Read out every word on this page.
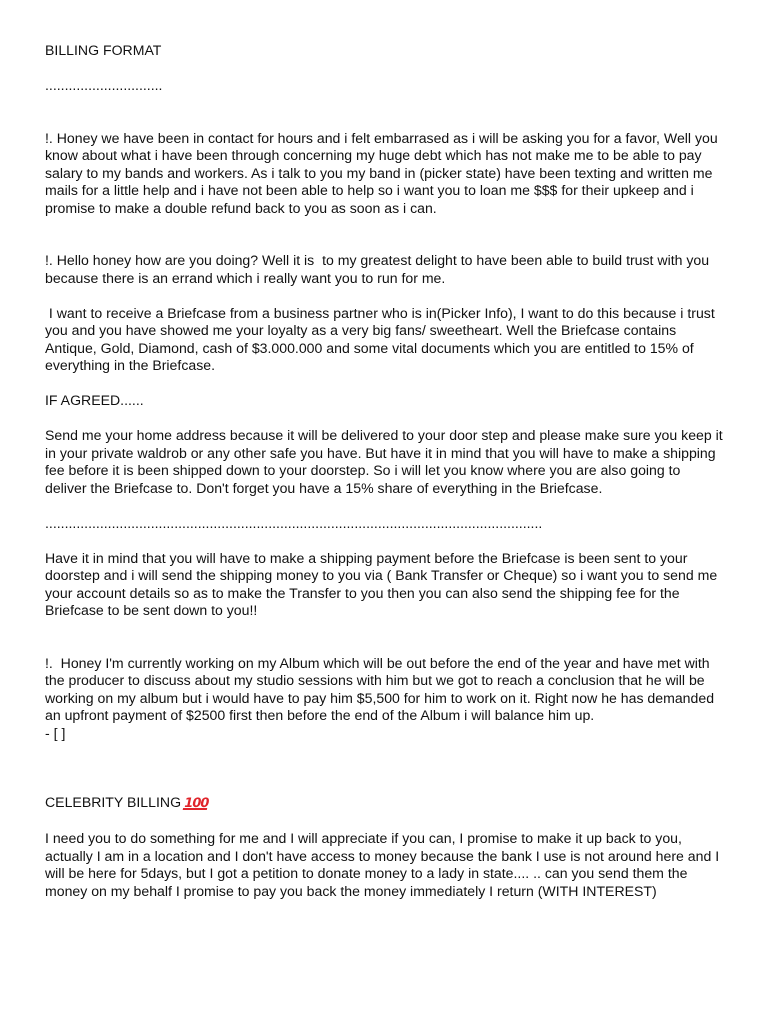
BILLING FORMAT

..............................

!. Honey we have been in contact for hours and i felt embarrased as i will be asking you for a favor, Well you know about what i have been through concerning my huge debt which has not make me to be able to pay salary to my bands and workers. As i talk to you my band in (picker state) have been texting and written me mails for a little help and i have not been able to help so i want you to loan me $$$ for their upkeep and i promise to make a double refund back to you as soon as i can.

!. Hello honey how are you doing? Well it is  to my greatest delight to have been able to build trust with you because there is an errand which i really want you to run for me.

I want to receive a Briefcase from a business partner who is in(Picker Info), I want to do this because i trust you and you have showed me your loyalty as a very big fans/ sweetheart. Well the Briefcase contains Antique, Gold, Diamond, cash of $3.000.000 and some vital documents which you are entitled to 15% of everything in the Briefcase.

IF AGREED......

Send me your home address because it will be delivered to your door step and please make sure you keep it in your private waldrob or any other safe you have. But have it in mind that you will have to make a shipping fee before it is been shipped down to your doorstep. So i will let you know where you are also going to deliver the Briefcase to. Don't forget you have a 15% share of everything in the Briefcase.

...............................................................................................................................

Have it in mind that you will have to make a shipping payment before the Briefcase is been sent to your doorstep and i will send the shipping money to you via ( Bank Transfer or Cheque) so i want you to send me your account details so as to make the Transfer to you then you can also send the shipping fee for the Briefcase to be sent down to you!!

!.  Honey I'm currently working on my Album which will be out before the end of the year and have met with the producer to discuss about my studio sessions with him but we got to reach a conclusion that he will be working on my album but i would have to pay him $5,500 for him to work on it. Right now he has demanded an upfront payment of $2500 first then before the end of the Album i will balance him up.

- [ ]

CELEBRITY BILLING100

I need you to do something for me and I will appreciate if you can, I promise to make it up back to you, actually I am in a location and I don't have access to money because the bank I use is not around here and I will be here for 5days, but I got a petition to donate money to a lady in state.... .. can you send them the money on my behalf I promise to pay you back the money immediately I return (WITH INTEREST)
